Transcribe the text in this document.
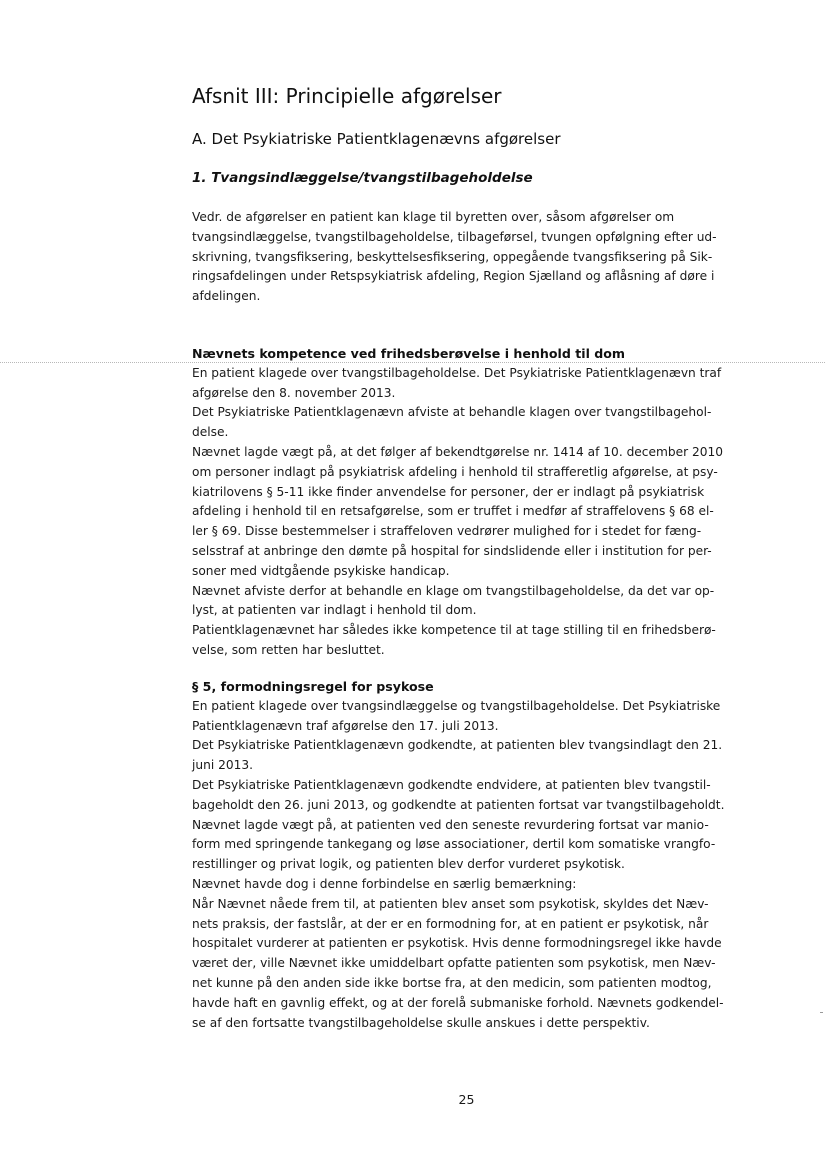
Afsnit III: Principielle afgørelser
A. Det Psykiatriske Patientklagenævns afgørelser
1. Tvangsindlæggelse/tvangstilbageholdelse
Vedr. de afgørelser en patient kan klage til byretten over, såsom afgørelser om
tvangsindlæggelse, tvangstilbageholdelse, tilbageførsel, tvungen opfølgning efter ud-
skrivning, tvangsfiksering, beskyttelsesfiksering, oppegående tvangsfiksering på Sik-
ringsafdelingen under Retspsykiatrisk afdeling, Region Sjælland og aflåsning af døre i
afdelingen.
Nævnets kompetence ved frihedsberøvelse i henhold til dom
En patient klagede over tvangstilbageholdelse. Det Psykiatriske Patientklagenævn traf
afgørelse den 8. november 2013.
Det Psykiatriske Patientklagenævn afviste at behandle klagen over tvangstilbagehol-
delse.
Nævnet lagde vægt på, at det følger af bekendtgørelse nr. 1414 af 10. december 2010
om personer indlagt på psykiatrisk afdeling i henhold til strafferetlig afgørelse, at psy-
kiatrilovens § 5-11 ikke finder anvendelse for personer, der er indlagt på psykiatrisk
afdeling i henhold til en retsafgørelse, som er truffet i medfør af straffelovens § 68 el-
ler § 69. Disse bestemmelser i straffeloven vedrører mulighed for i stedet for fæng-
selsstraf at anbringe den dømte på hospital for sindslidende eller i institution for per-
soner med vidtgående psykiske handicap.
Nævnet afviste derfor at behandle en klage om tvangstilbageholdelse, da det var op-
lyst, at patienten var indlagt i henhold til dom.
Patientklagenævnet har således ikke kompetence til at tage stilling til en frihedsberø-
velse, som retten har besluttet.
§ 5, formodningsregel for psykose
En patient klagede over tvangsindlæggelse og tvangstilbageholdelse. Det Psykiatriske
Patientklagenævn traf afgørelse den 17. juli 2013.
Det Psykiatriske Patientklagenævn godkendte, at patienten blev tvangsindlagt den 21.
juni 2013.
Det Psykiatriske Patientklagenævn godkendte endvidere, at patienten blev tvangstil-
bageholdt den 26. juni 2013, og godkendte at patienten fortsat var tvangstilbageholdt.
Nævnet lagde vægt på, at patienten ved den seneste revurdering fortsat var manio-
form med springende tankegang og løse associationer, dertil kom somatiske vrangfo-
restillinger og privat logik, og patienten blev derfor vurderet psykotisk.
Nævnet havde dog i denne forbindelse en særlig bemærkning:
Når Nævnet nåede frem til, at patienten blev anset som psykotisk, skyldes det Næv-
nets praksis, der fastslår, at der er en formodning for, at en patient er psykotisk, når
hospitalet vurderer at patienten er psykotisk. Hvis denne formodningsregel ikke havde
været der, ville Nævnet ikke umiddelbart opfatte patienten som psykotisk, men Næv-
net kunne på den anden side ikke bortse fra, at den medicin, som patienten modtog,
havde haft en gavnlig effekt, og at der forelå submaniske forhold. Nævnets godkendel-
se af den fortsatte tvangstilbageholdelse skulle anskues i dette perspektiv.
25
